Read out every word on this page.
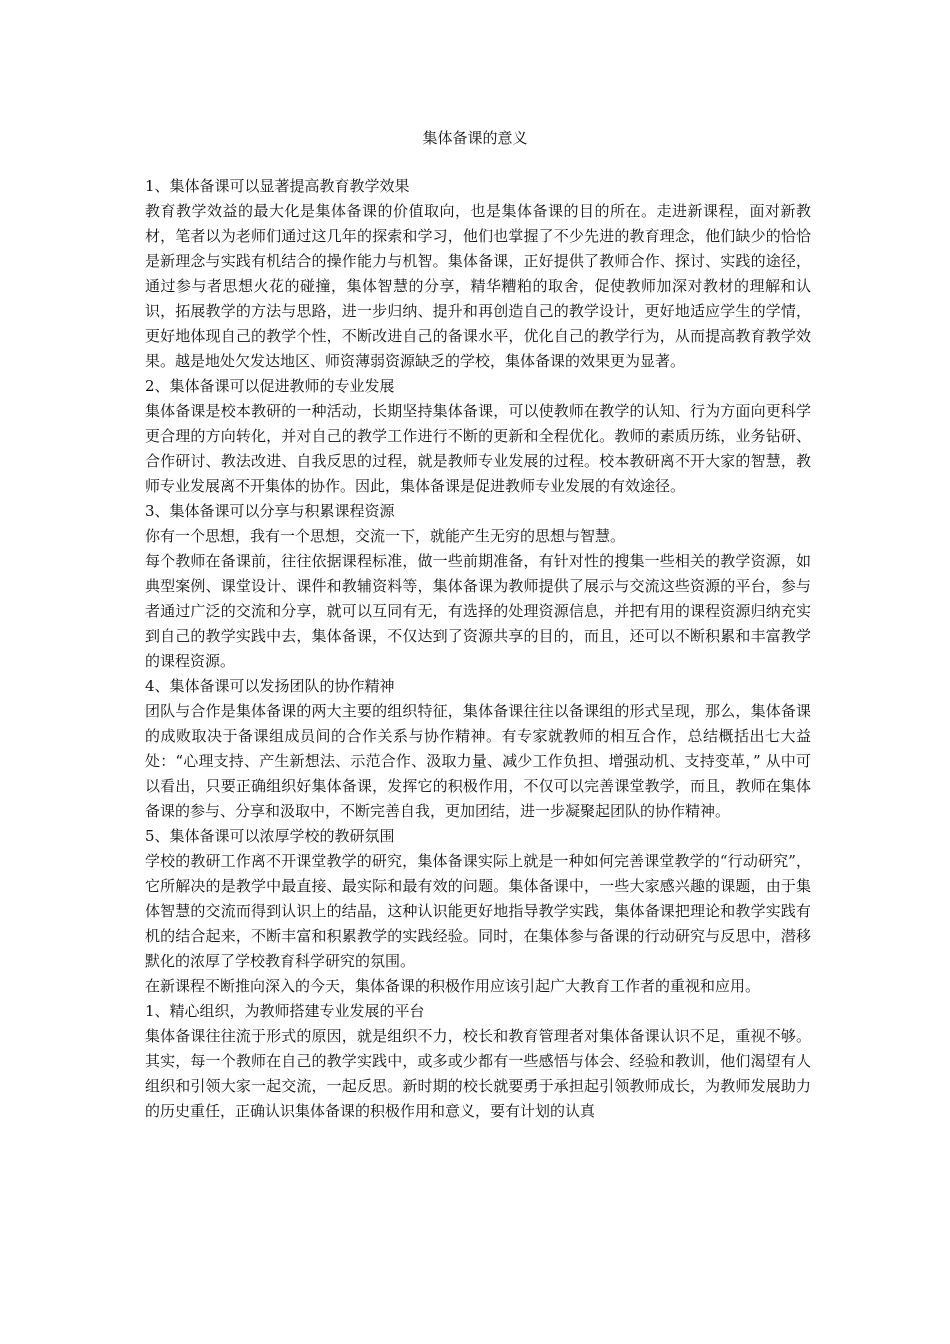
集体备课的意义

1、集体备课可以显著提高教育教学效果

教育教学效益的最大化是集体备课的价值取向，也是集体备课的目的所在。走进新课程，面对新教材，笔者以为老师们通过这几年的探索和学习，他们也掌握了不少先进的教育理念，他们缺少的恰恰是新理念与实践有机结合的操作能力与机智。集体备课，正好提供了教师合作、探讨、实践的途径，通过参与者思想火花的碰撞，集体智慧的分享，精华糟粕的取舍，促使教师加深对教材的理解和认识，拓展教学的方法与思路，进一步归纳、提升和再创造自己的教学设计，更好地适应学生的学情，更好地体现自己的教学个性，不断改进自己的备课水平，优化自己的教学行为，从而提高教育教学效果。越是地处欠发达地区、师资薄弱资源缺乏的学校，集体备课的效果更为显著。

2、集体备课可以促进教师的专业发展

集体备课是校本教研的一种活动，长期坚持集体备课，可以使教师在教学的认知、行为方面向更科学更合理的方向转化，并对自己的教学工作进行不断的更新和全程优化。教师的素质历练，业务钻研、合作研讨、教法改进、自我反思的过程，就是教师专业发展的过程。校本教研离不开大家的智慧，教师专业发展离不开集体的协作。因此，集体备课是促进教师专业发展的有效途径。

3、集体备课可以分享与积累课程资源

你有一个思想，我有一个思想，交流一下，就能产生无穷的思想与智慧。

每个教师在备课前，往往依据课程标准，做一些前期准备，有针对性的搜集一些相关的教学资源，如典型案例、课堂设计、课件和教辅资料等，集体备课为教师提供了展示与交流这些资源的平台，参与者通过广泛的交流和分享，就可以互同有无，有选择的处理资源信息，并把有用的课程资源归纳充实到自己的教学实践中去，集体备课，不仅达到了资源共享的目的，而且，还可以不断积累和丰富教学的课程资源。

4、集体备课可以发扬团队的协作精神

团队与合作是集体备课的两大主要的组织特征，集体备课往往以备课组的形式呈现，那么，集体备课的成败取决于备课组成员间的合作关系与协作精神。有专家就教师的相互合作，总结概括出七大益处：“心理支持、产生新想法、示范合作、汲取力量、减少工作负担、增强动机、支持变革，” 从中可以看出，只要正确组织好集体备课，发挥它的积极作用，不仅可以完善课堂教学，而且，教师在集体备课的参与、分享和汲取中，不断完善自我，更加团结，进一步凝聚起团队的协作精神。

5、集体备课可以浓厚学校的教研氛围

学校的教研工作离不开课堂教学的研究，集体备课实际上就是一种如何完善课堂教学的“行动研究”，它所解决的是教学中最直接、最实际和最有效的问题。集体备课中，一些大家感兴趣的课题，由于集体智慧的交流而得到认识上的结晶，这种认识能更好地指导教学实践，集体备课把理论和教学实践有机的结合起来，不断丰富和积累教学的实践经验。同时，在集体参与备课的行动研究与反思中，潜移默化的浓厚了学校教育科学研究的氛围。

在新课程不断推向深入的今天，集体备课的积极作用应该引起广大教育工作者的重视和应用。

1、精心组织，为教师搭建专业发展的平台

集体备课往往流于形式的原因，就是组织不力，校长和教育管理者对集体备课认识不足，重视不够。其实，每一个教师在自己的教学实践中，或多或少都有一些感悟与体会、经验和教训，他们渴望有人组织和引领大家一起交流，一起反思。新时期的校长就要勇于承担起引领教师成长，为教师发展助力的历史重任，正确认识集体备课的积极作用和意义，要有计划的认真
